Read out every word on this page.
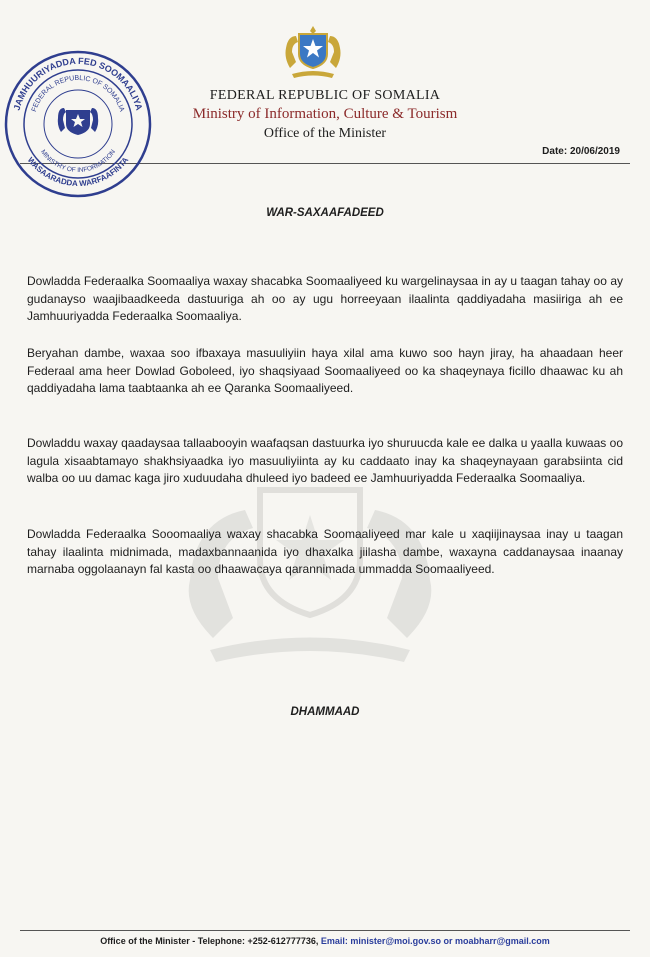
FEDERAL REPUBLIC OF SOMALIA
Ministry of Information, Culture & Tourism
Office of the Minister
Date: 20/06/2019
JAMHUURIYADDA FED SOOMAALIYA
FEDERAL REPUBLIC OF SOMALIA
MINISTRY OF INFORMATION
WASAARADDA WARFAAFINTA
WAR-SAXAAFADEED
Dowladda Federaalka Soomaaliya waxay shacabka Soomaaliyeed ku wargelinaysaa in ay u taagan tahay oo ay gudanayso waajibaadkeeda dastuuriga ah oo ay ugu horreeyaan ilaalinta qaddiyadaha masiiriga ah ee Jamhuuriyadda Federaalka Soomaaliya.
Beryahan dambe, waxaa soo ifbaxaya masuuliyiin haya xilal ama kuwo soo hayn jiray, ha ahaadaan heer Federaal ama heer Dowlad Goboleed, iyo shaqsiyaad Soomaaliyeed oo ka shaqeynaya ficillo dhaawac ku ah qaddiyadaha lama taabtaanka ah ee Qaranka Soomaaliyeed.
Dowladdu waxay qaadaysaa tallaabooyin waafaqsan dastuurka iyo shuruucda kale ee dalka u yaalla kuwaas oo lagula xisaabtamayo shakhsiyaadka iyo masuuliyiinta ay ku caddaato inay ka shaqeynayaan garabsiinta cid walba oo uu damac kaga jiro xuduudaha dhuleed iyo badeed ee Jamhuuriyadda Federaalka Soomaaliya.
Dowladda Federaalka Sooomaaliya waxay shacabka Soomaaliyeed mar kale u xaqiijinaysaa inay u taagan tahay ilaalinta midnimada, madaxbannaanida iyo dhaxalka jiilasha dambe, waxayna caddanaysaa inaanay marnaba oggolaanayn fal kasta oo dhaawacaya qarannimada ummadda Soomaaliyeed.
DHAMMAAD
Office of the Minister - Telephone: +252-612777736, Email: minister@moi.gov.so or moabharr@gmail.com
